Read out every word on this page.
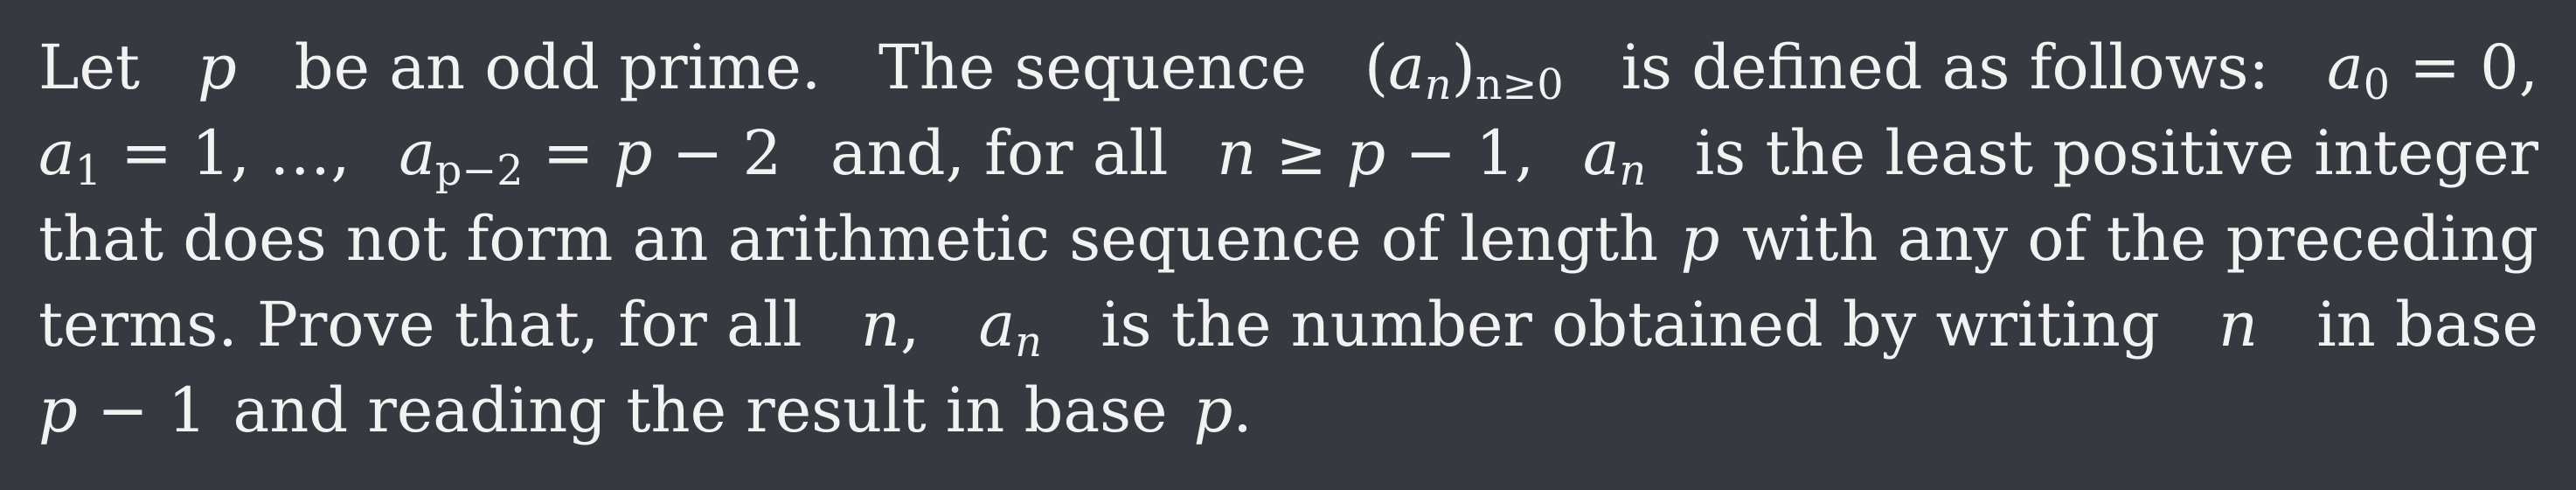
Let p be an odd prime. The sequence $(a_n)_{n\ge 0}$ is defined as follows: $a_0 = 0$,
$a_1 = 1$, …, $a_{p-2} = p - 2$ and, for all n ≥ p − 1, $a_n$ is the least positive integer
that does not form an arithmetic sequence of length p with any of the preceding
terms. Prove that, for all n, $a_n$ is the number obtained by writing n in base
p − 1 and reading the result in base p.
